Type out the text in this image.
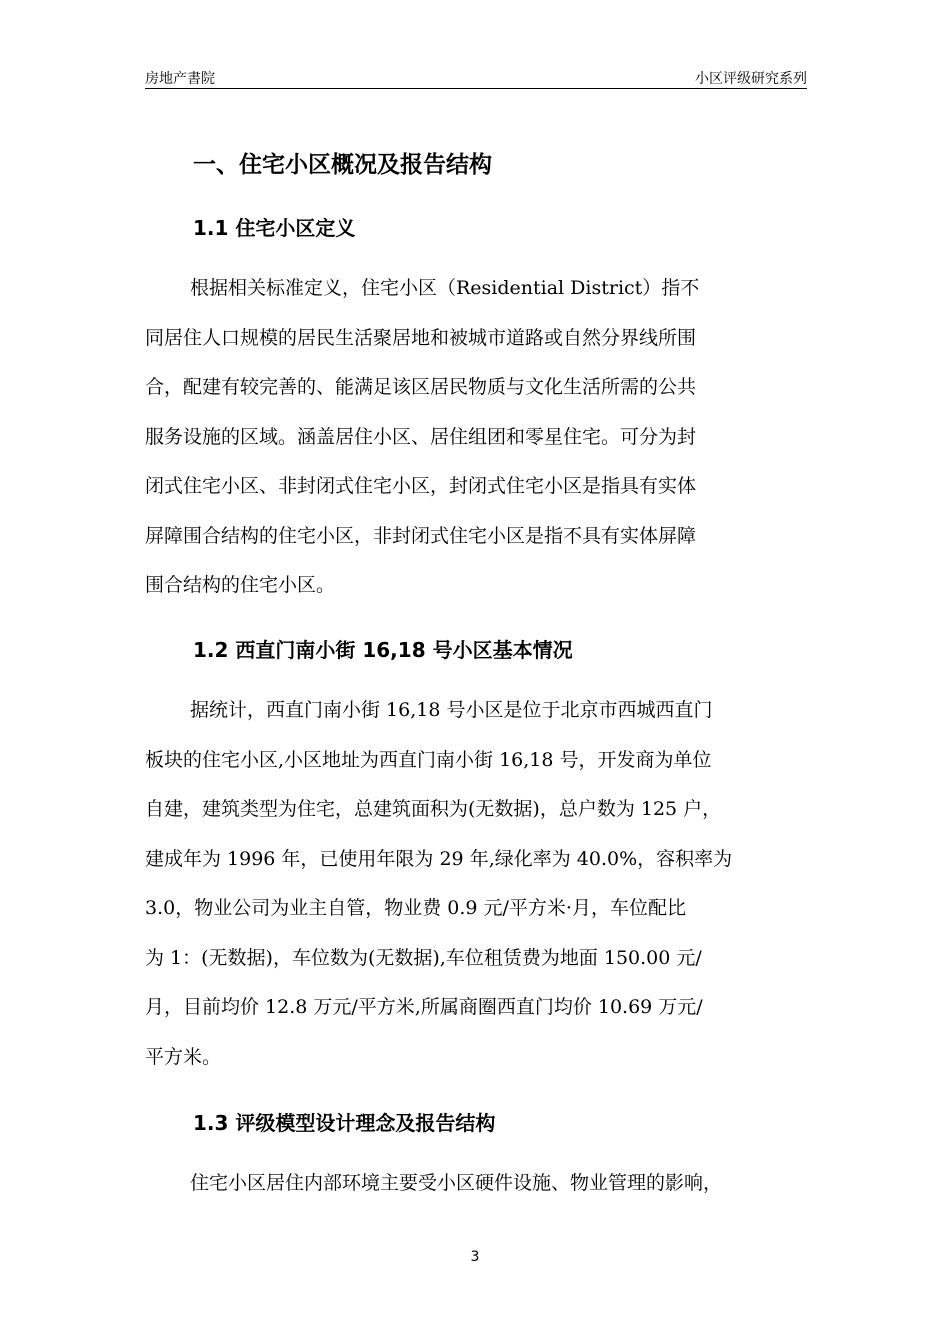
房地产書院	小区评级研究系列
一、住宅小区概况及报告结构
1.1 住宅小区定义
根据相关标准定义，住宅小区（Residential District）指不
同居住人口规模的居民生活聚居地和被城市道路或自然分界线所围
合，配建有较完善的、能满足该区居民物质与文化生活所需的公共
服务设施的区域。涵盖居住小区、居住组团和零星住宅。可分为封
闭式住宅小区、非封闭式住宅小区，封闭式住宅小区是指具有实体
屏障围合结构的住宅小区，非封闭式住宅小区是指不具有实体屏障
围合结构的住宅小区。
1.2 西直门南小街 16,18 号小区基本情况
据统计，西直门南小街 16,18 号小区是位于北京市西城西直门
板块的住宅小区,小区地址为西直门南小街 16,18 号，开发商为单位
自建，建筑类型为住宅，总建筑面积为(无数据)，总户数为 125 户，
建成年为 1996 年，已使用年限为 29 年,绿化率为 40.0%，容积率为
3.0，物业公司为业主自管，物业费 0.9 元/平方米·月，车位配比
为 1：(无数据)，车位数为(无数据),车位租赁费为地面 150.00 元/
月，目前均价 12.8 万元/平方米,所属商圈西直门均价 10.69 万元/
平方米。
1.3 评级模型设计理念及报告结构
住宅小区居住内部环境主要受小区硬件设施、物业管理的影响，
3
